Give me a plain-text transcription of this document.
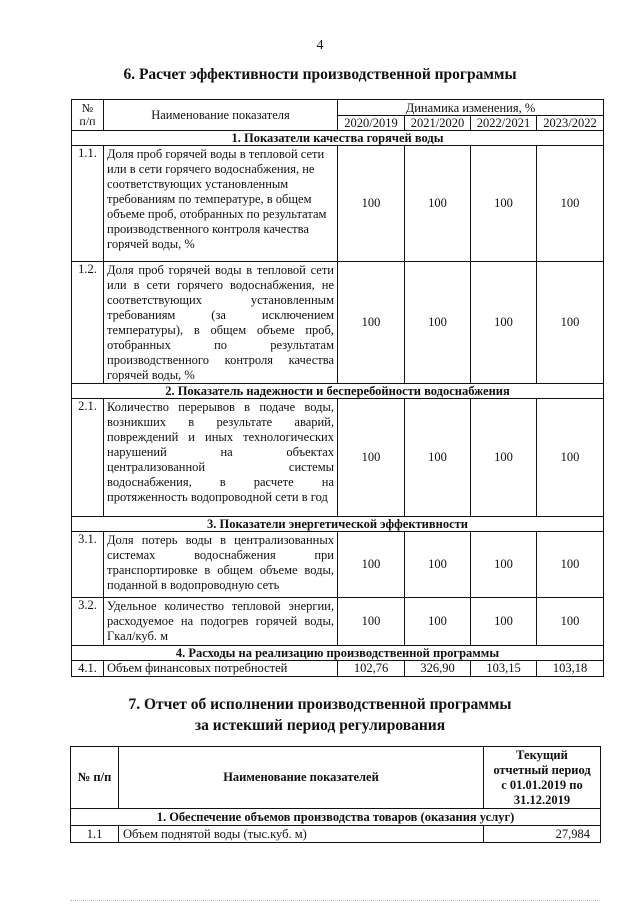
4
6. Расчет эффективности производственной программы
№
п/п	Наименование показателя	Динамика изменения, %			
		2020/2019	2021/2020	2022/2021	2023/2022
1. Показатели качества горячей воды					
1.1.	Доля проб горячей воды в тепловой сети или в сети горячего водоснабжения, не соответствующих установленным требованиям по температуре, в общем объеме проб, отобранных по результатам производственного контроля качества горячей воды, %	100	100	100	100
1.2.	Доля проб горячей воды в тепловой сети или в сети горячего водоснабжения, не соответствующих установленным требованиям (за исключением температуры), в общем объеме проб, отобранных по результатам производственного контроля качества горячей воды, %	100	100	100	100
2. Показатель надежности и бесперебойности водоснабжения					
2.1.	Количество перерывов в подаче воды, возникших в результате аварий, повреждений и иных технологических нарушений на объектах централизованной системы водоснабжения, в расчете на протяженность водопроводной сети в год	100	100	100	100
3. Показатели энергетической эффективности					
3.1.	Доля потерь воды в централизованных системах водоснабжения при транспортировке в общем объеме воды, поданной в водопроводную сеть	100	100	100	100
3.2.	Удельное количество тепловой энергии, расходуемое на подогрев горячей воды, Гкал/куб. м	100	100	100	100
4. Расходы на реализацию производственной программы					
4.1.	Объем финансовых потребностей	102,76	326,90	103,15	103,18
7. Отчет об исполнении производственной программы
за истекший период регулирования
№ п/п	Наименование показателей	Текущий отчетный период с 01.01.2019 по 31.12.2019
1. Обеспечение объемов производства товаров (оказания услуг)		
1.1	Объем поднятой воды (тыс.куб. м)	27,984
